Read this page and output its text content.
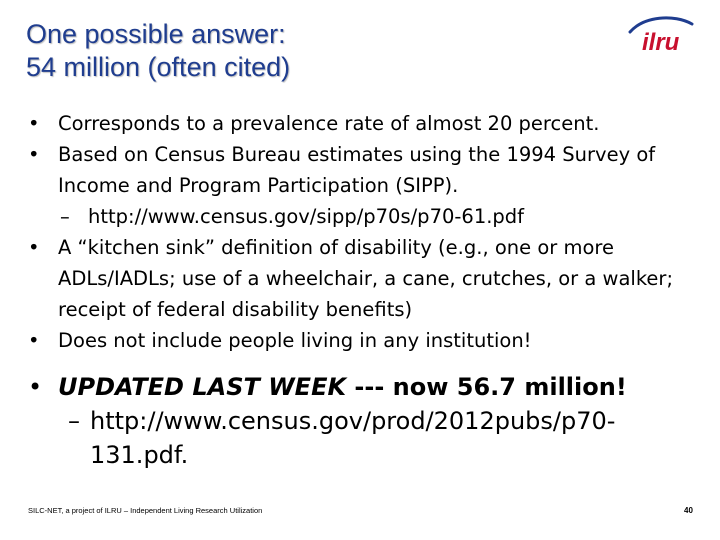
One possible answer:
54 million (often cited)
ilru
• Corresponds to a prevalence rate of almost 20 percent.
• Based on Census Bureau estimates using the 1994 Survey of Income and Program Participation (SIPP).
– http://www.census.gov/sipp/p70s/p70-61.pdf
• A “kitchen sink” definition of disability (e.g., one or more ADLs/IADLs; use of a wheelchair, a cane, crutches, or a walker; receipt of federal disability benefits)
• Does not include people living in any institution!
• UPDATED LAST WEEK --- now 56.7 million!
– http://www.census.gov/prod/2012pubs/p70-131.pdf.
SILC-NET, a project of ILRU – Independent Living Research Utilization	40
